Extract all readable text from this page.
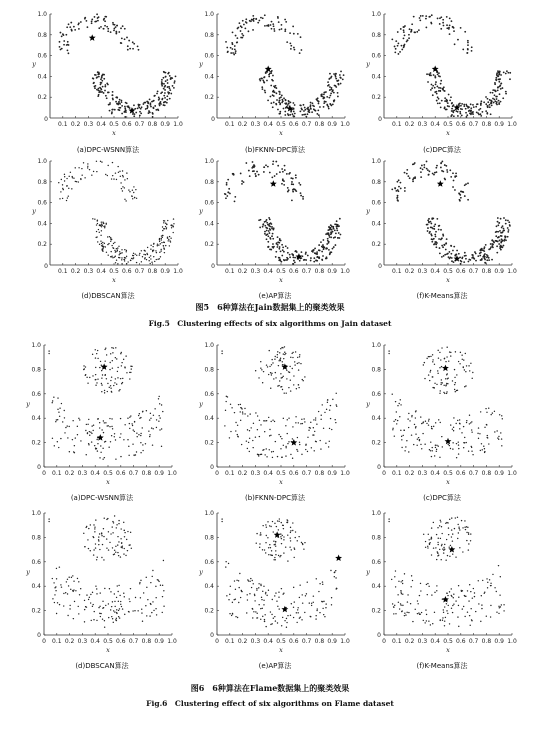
0.1 0.2 0.3 0.4 0.5 0.6 0.7 0.8 0.9 1.0
0
0.2
0.4
0.6
0.8
1.0
x
y
(a)DPC-WSNN算法
0.1 0.2 0.3 0.4 0.5 0.6 0.7 0.8 0.9 1.0
0
0.2
0.4
0.6
0.8
1.0
x
y
(b)FKNN-DPC算法
0.1 0.2 0.3 0.4 0.5 0.6 0.7 0.8 0.9 1.0
0
0.2
0.4
0.6
0.8
1.0
x
y
(c)DPC算法
0.1 0.2 0.3 0.4 0.5 0.6 0.7 0.8 0.9 1.0
0
0.2
0.4
0.6
0.8
1.0
x
y
(d)DBSCAN算法
0.1 0.2 0.3 0.4 0.5 0.6 0.7 0.8 0.9 1.0
0
0.2
0.4
0.6
0.8
1.0
x
y
(e)AP算法
0.1 0.2 0.3 0.4 0.5 0.6 0.7 0.8 0.9 1.0
0
0.2
0.4
0.6
0.8
1.0
x
y
(f)K-Means算法
图5　6种算法在Jain数据集上的聚类效果
Fig.5　Clustering effects of six algorithms on Jain dataset
0 0.1 0.2 0.3 0.4 0.5 0.6 0.7 0.8 0.9 1.0
0
0.2
0.4
0.6
0.8
1.0
x
y
(a)DPC-WSNN算法
0 0.1 0.2 0.3 0.4 0.5 0.6 0.7 0.8 0.9 1.0
0
0.2
0.4
0.6
0.8
1.0
x
y
(b)FKNN-DPC算法
0 0.1 0.2 0.3 0.4 0.5 0.6 0.7 0.8 0.9 1.0
0
0.2
0.4
0.6
0.8
1.0
x
y
(c)DPC算法
0 0.1 0.2 0.3 0.4 0.5 0.6 0.7 0.8 0.9 1.0
0
0.2
0.4
0.6
0.8
1.0
x
y
(d)DBSCAN算法
0 0.1 0.2 0.3 0.4 0.5 0.6 0.7 0.8 0.9 1.0
0
0.2
0.4
0.6
0.8
1.0
x
y
(e)AP算法
0 0.1 0.2 0.3 0.4 0.5 0.6 0.7 0.8 0.9 1.0
0
0.2
0.4
0.6
0.8
1.0
x
y
(f)K-Means算法
图6　6种算法在Flame数据集上的聚类效果
Fig.6　Clustering effect of six algorithms on Flame dataset
